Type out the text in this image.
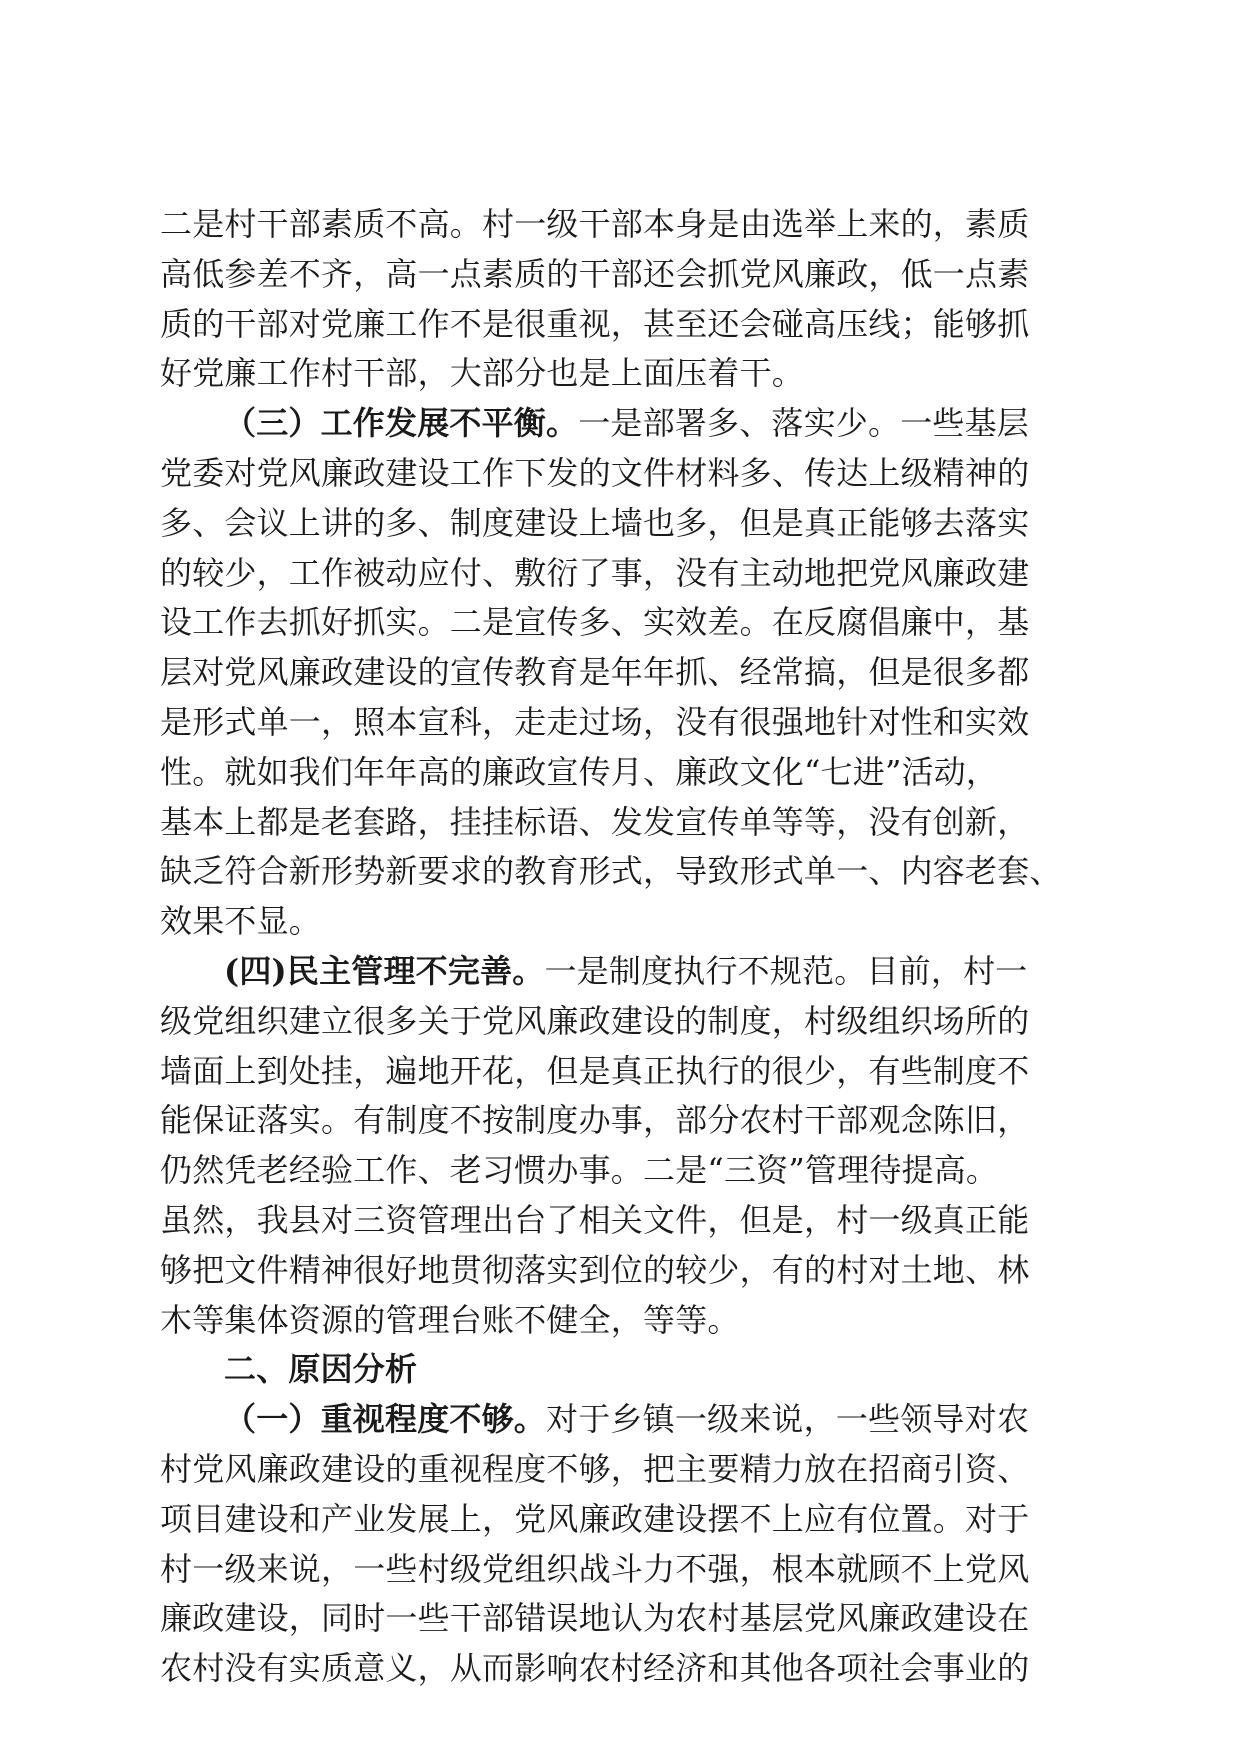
二是村干部素质不高。村一级干部本身是由选举上来的，素质
高低参差不齐，高一点素质的干部还会抓党风廉政，低一点素
质的干部对党廉工作不是很重视，甚至还会碰高压线；能够抓
好党廉工作村干部，大部分也是上面压着干。
（三）工作发展不平衡。一是部署多、落实少。一些基层
党委对党风廉政建设工作下发的文件材料多、传达上级精神的
多、会议上讲的多、制度建设上墙也多，但是真正能够去落实
的较少，工作被动应付、敷衍了事，没有主动地把党风廉政建
设工作去抓好抓实。二是宣传多、实效差。在反腐倡廉中，基
层对党风廉政建设的宣传教育是年年抓、经常搞，但是很多都
是形式单一，照本宣科，走走过场，没有很强地针对性和实效
性。就如我们年年高的廉政宣传月、廉政文化“七进”活动，
基本上都是老套路，挂挂标语、发发宣传单等等，没有创新，
缺乏符合新形势新要求的教育形式，导致形式单一、内容老套、
效果不显。
(四)民主管理不完善。一是制度执行不规范。目前，村一
级党组织建立很多关于党风廉政建设的制度，村级组织场所的
墙面上到处挂，遍地开花，但是真正执行的很少，有些制度不
能保证落实。有制度不按制度办事，部分农村干部观念陈旧，
仍然凭老经验工作、老习惯办事。二是“三资”管理待提高。
虽然，我县对三资管理出台了相关文件，但是，村一级真正能
够把文件精神很好地贯彻落实到位的较少，有的村对土地、林
木等集体资源的管理台账不健全，等等。
二、原因分析
（一）重视程度不够。对于乡镇一级来说，一些领导对农
村党风廉政建设的重视程度不够，把主要精力放在招商引资、
项目建设和产业发展上，党风廉政建设摆不上应有位置。对于
村一级来说，一些村级党组织战斗力不强，根本就顾不上党风
廉政建设，同时一些干部错误地认为农村基层党风廉政建设在
农村没有实质意义，从而影响农村经济和其他各项社会事业的
